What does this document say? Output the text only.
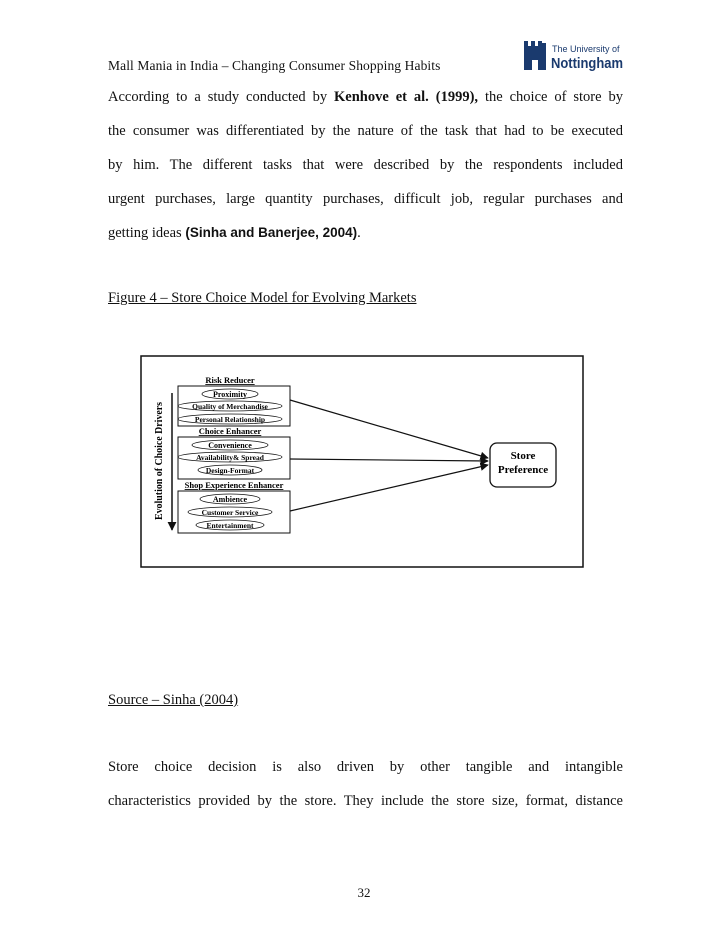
Mall Mania in India – Changing Consumer Shopping Habits
The University of
Nottingham
According to a study conducted by Kenhove et al. (1999), the choice of store by
the consumer was differentiated by the nature of the task that had to be executed
by him. The different tasks that were described by the respondents included
urgent purchases, large quantity purchases, difficult job, regular purchases and
getting ideas (Sinha and Banerjee, 2004).
Figure 4 – Store Choice Model for Evolving Markets
Evolution of Choice Drivers
Risk Reducer
Proximity
Quality of Merchandise
Personal Relationship
Choice Enhancer
Convenience
Availability& Spread
Design-Format
Shop Experience Enhancer
Ambience
Customer Service
Entertainment
Store
Preference
Source – Sinha (2004)
Store choice decision is also driven by other tangible and intangible
characteristics provided by the store. They include the store size, format, distance
32
